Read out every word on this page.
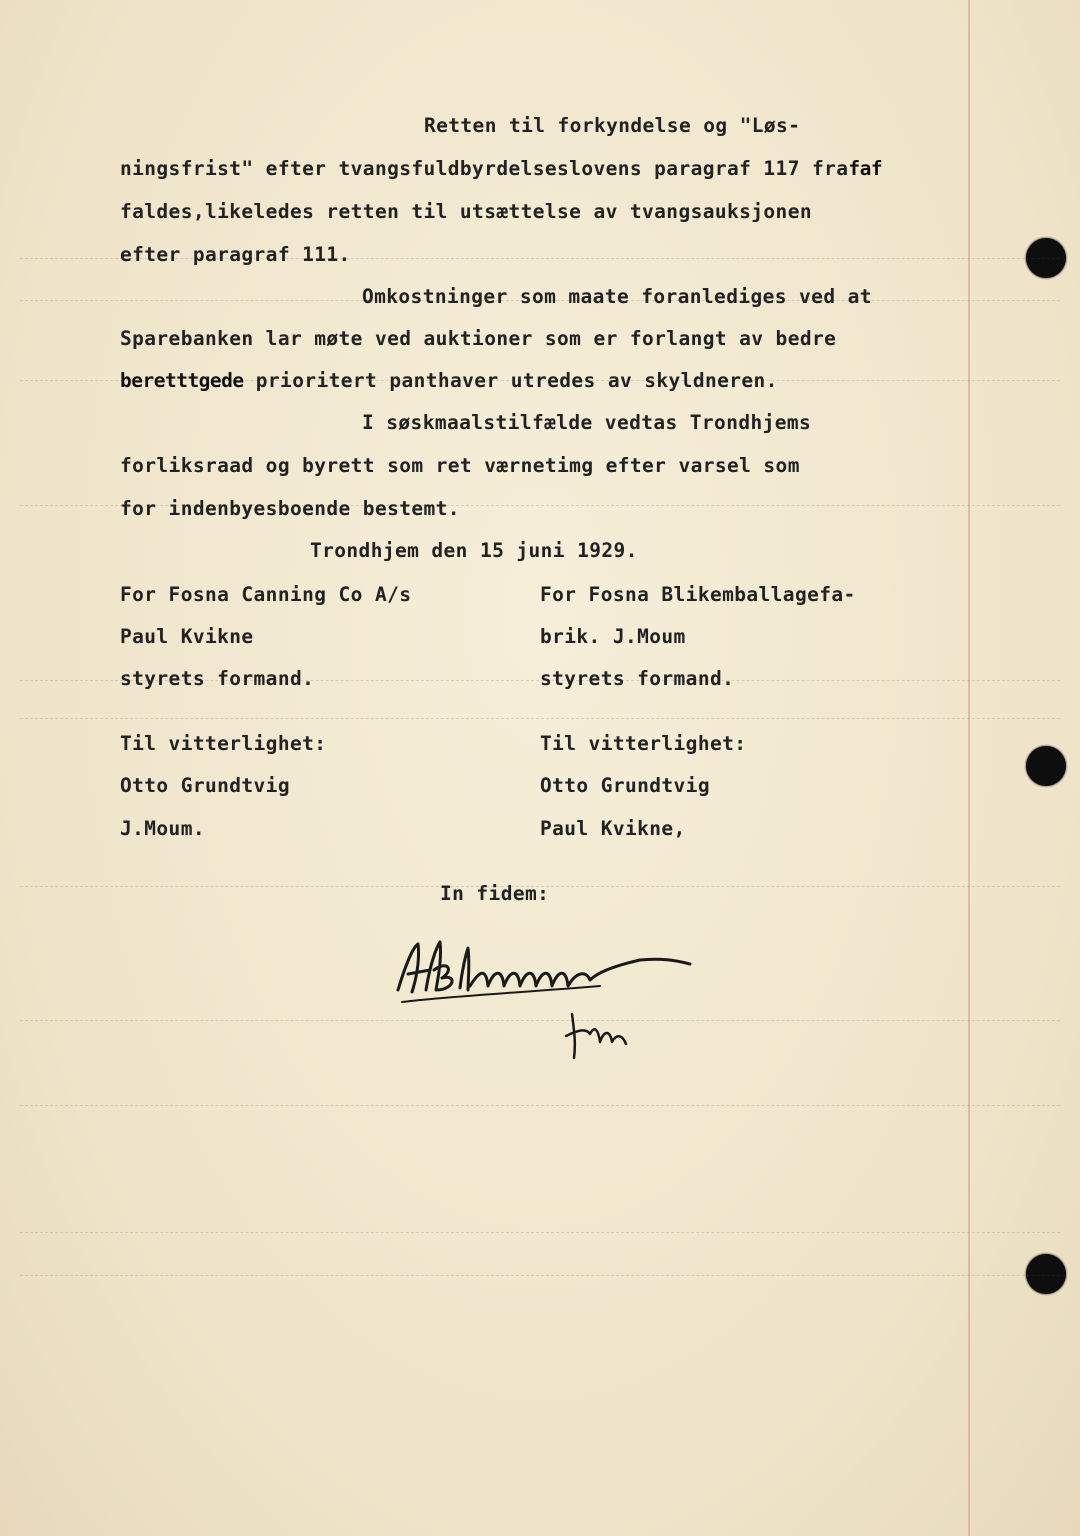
Retten til forkyndelse og "Løs-
ningsfrist" efter tvangsfuldbyrdelseslovens paragraf 117 frafaf
faldes,likeledes retten til utsættelse av tvangsauksjonen
efter paragraf 111.
Omkostninger som maate foranlediges ved at
Sparebanken lar møte ved auktioner som er forlangt av bedre
beretttgede prioritert panthaver utredes av skyldneren.
I søskmaalstilfælde vedtas Trondhjems
forliksraad og byrett som ret værnetimg efter varsel som
for indenbyesboende bestemt.
Trondhjem den 15 juni 1929.
For Fosna Canning Co A/s
Paul Kvikne
styrets formand.
Til vitterlighet:
Otto Grundtvig
J.Moum.
For Fosna Blikemballagefa-
brik. J.Moum
styrets formand.
Til vitterlighet:
Otto Grundtvig
Paul Kvikne,
In fidem:
